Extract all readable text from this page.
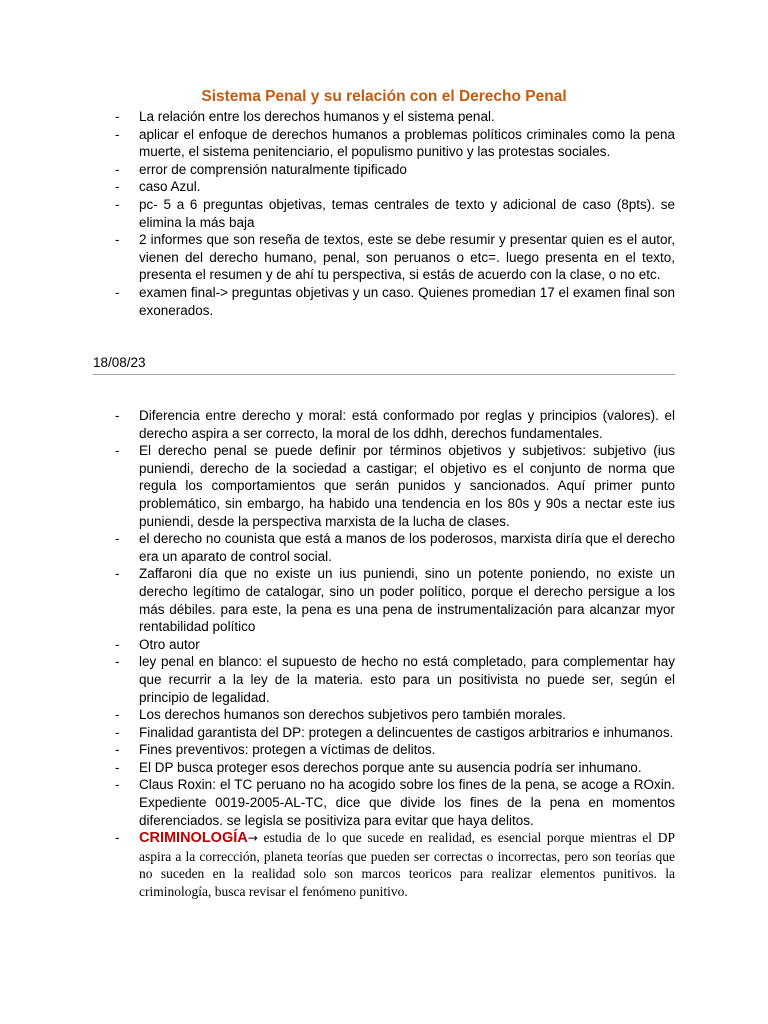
Sistema Penal y su relación con el Derecho Penal
- La relación entre los derechos humanos y el sistema penal.
- aplicar el enfoque de derechos humanos a problemas políticos criminales como la pena muerte, el sistema penitenciario, el populismo punitivo y las protestas sociales.
- error de comprensión naturalmente tipificado
- caso Azul.
- pc- 5 a 6 preguntas objetivas, temas centrales de texto y adicional de caso (8pts). se elimina la más baja
- 2 informes que son reseña de textos, este se debe resumir y presentar quien es el autor, vienen del derecho humano, penal, son peruanos o etc=. luego presenta en el texto, presenta el resumen y de ahí tu perspectiva, si estás de acuerdo con la clase, o no etc.
- examen final-> preguntas objetivas y un caso. Quienes promedian 17 el examen final son exonerados.
18/08/23
- Diferencia entre derecho y moral: está conformado por reglas y principios (valores). el derecho aspira a ser correcto, la moral de los ddhh, derechos fundamentales.
- El derecho penal se puede definir por términos objetivos y subjetivos: subjetivo (ius puniendi, derecho de la sociedad a castigar; el objetivo es el conjunto de norma que regula los comportamientos que serán punidos y sancionados. Aquí primer punto problemático, sin embargo, ha habido una tendencia en los 80s y 90s a nectar este ius puniendi, desde la perspectiva marxista de la lucha de clases.
- el derecho no counista que está a manos de los poderosos, marxista diría que el derecho era un aparato de control social.
- Zaffaroni día que no existe un ius puniendi, sino un potente poniendo, no existe un derecho legítimo de catalogar, sino un poder político, porque el derecho persigue a los más débiles. para este, la pena es una pena de instrumentalización para alcanzar myor rentabilidad político
- Otro autor
- ley penal en blanco: el supuesto de hecho no está completado, para complementar hay que recurrir a la ley de la materia. esto para un positivista no puede ser, según el principio de legalidad.
- Los derechos humanos son derechos subjetivos pero también morales.
- Finalidad garantista del DP: protegen a delincuentes de castigos arbitrarios e inhumanos.
- Fines preventivos: protegen a víctimas de delitos.
- El DP busca proteger esos derechos porque ante su ausencia podría ser inhumano.
- Claus Roxin: el TC peruano no ha acogido sobre los fines de la pena, se acoge a ROxin. Expediente 0019-2005-AL-TC, dice que divide los fines de la pena en momentos diferenciados. se legisla se positiviza para evitar que haya delitos.
- CRIMINOLOGÍA→ estudia de lo que sucede en realidad, es esencial porque mientras el DP aspira a la corrección, planeta teorías que pueden ser correctas o incorrectas, pero son teorías que no suceden en la realidad solo son marcos teoricos para realizar elementos punitivos. la criminología, busca revisar el fenómeno punitivo.
